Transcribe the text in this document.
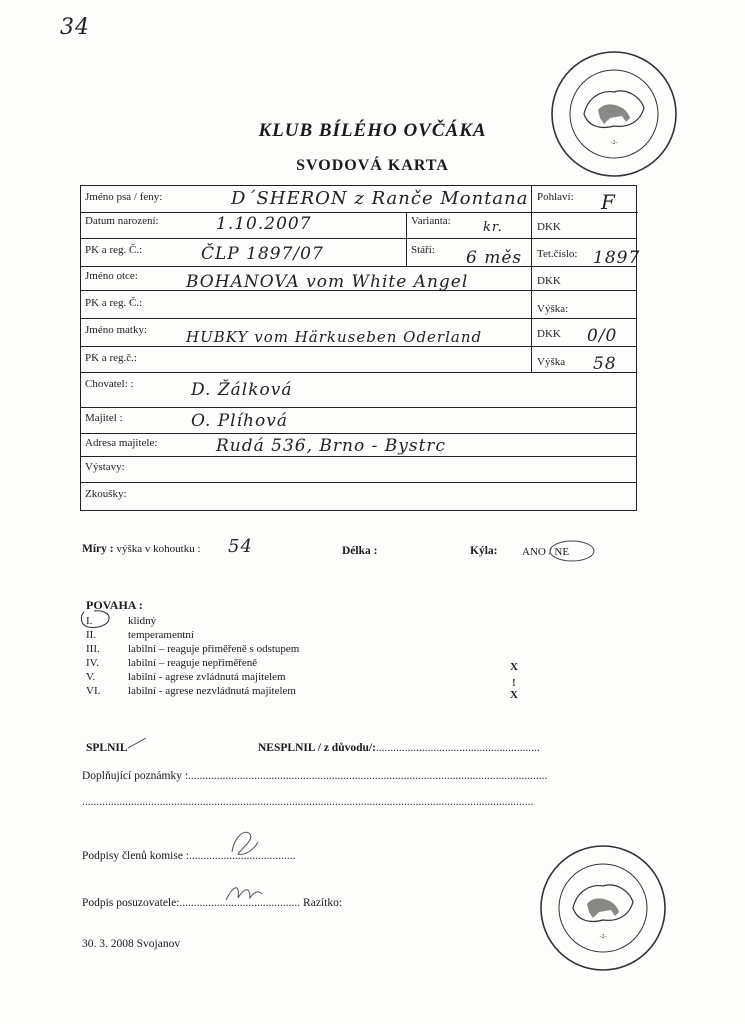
34
-2-
KLUB BÍLÉHO OVČÁKA
SVODOVÁ KARTA
Jméno psa / feny:	D´SHERON z Ranče Montana Pohlaví: F
Datum narození:	1.10.2007	Varianta: kr.	DKK
PK a reg. Č.:	ČLP 1897/07	Stáří: 6 měs Tet.číslo: 1897
Jméno otce:	BOHANOVA vom White Angel	DKK
PK a reg. Č.:	Výška:
Jméno matky:	HUBKY vom Härkuseben Oderland	DKK 0/0
PK a reg.č.:	Výška 58
Chovatel: :	D. Žálková
Majitel :	O. Plíhová
Adresa majitele:	Rudá 536, Brno - Bystrc
Výstavy:
Zkoušky:
Míry : výška v kohoutku : 54	Délka :	Kýla: ANO / NE
POVAHA :
I.	klidný
II.	temperamentní
III.	labilní – reaguje přiměřeně s odstupem
IV.	labilní – reaguje nepřiměřeně	X
V.	labilní - agrese zvládnutá majitelem	!
VI.	labilní - agrese nezvládnutá majitelem	X
SPLNIL	NESPLNIL / z důvodu/:.........................................................
Doplňující poznámky :.............................................................................................................................
.............................................................................................................................................................
Podpisy členů komise :.....................................
Podpis posuzovatele:.......................................... Razítko:
-2-
30. 3. 2008 Svojanov
